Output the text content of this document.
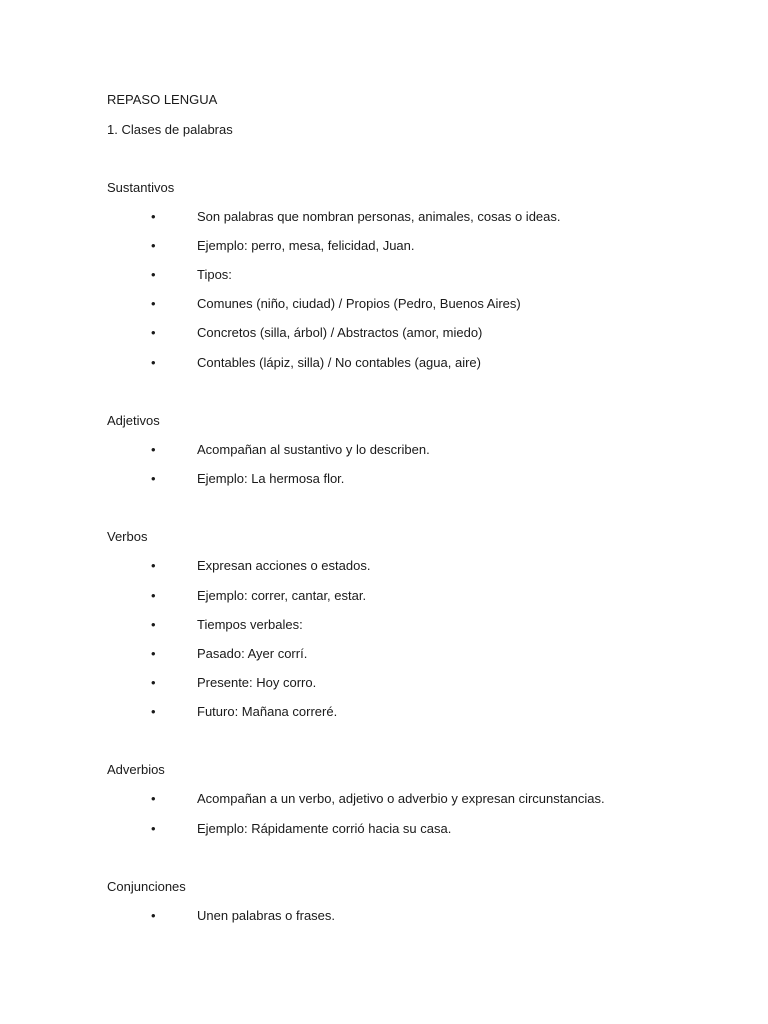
REPASO LENGUA
1. Clases de palabras
Sustantivos
•	Son palabras que nombran personas, animales, cosas o ideas.
•	Ejemplo: perro, mesa, felicidad, Juan.
•	Tipos:
•	Comunes (niño, ciudad) / Propios (Pedro, Buenos Aires)
•	Concretos (silla, árbol) / Abstractos (amor, miedo)
•	Contables (lápiz, silla) / No contables (agua, aire)
Adjetivos
•	Acompañan al sustantivo y lo describen.
•	Ejemplo: La hermosa flor.
Verbos
•	Expresan acciones o estados.
•	Ejemplo: correr, cantar, estar.
•	Tiempos verbales:
•	Pasado: Ayer corrí.
•	Presente: Hoy corro.
•	Futuro: Mañana correré.
Adverbios
•	Acompañan a un verbo, adjetivo o adverbio y expresan circunstancias.
•	Ejemplo: Rápidamente corrió hacia su casa.
Conjunciones
•	Unen palabras o frases.
